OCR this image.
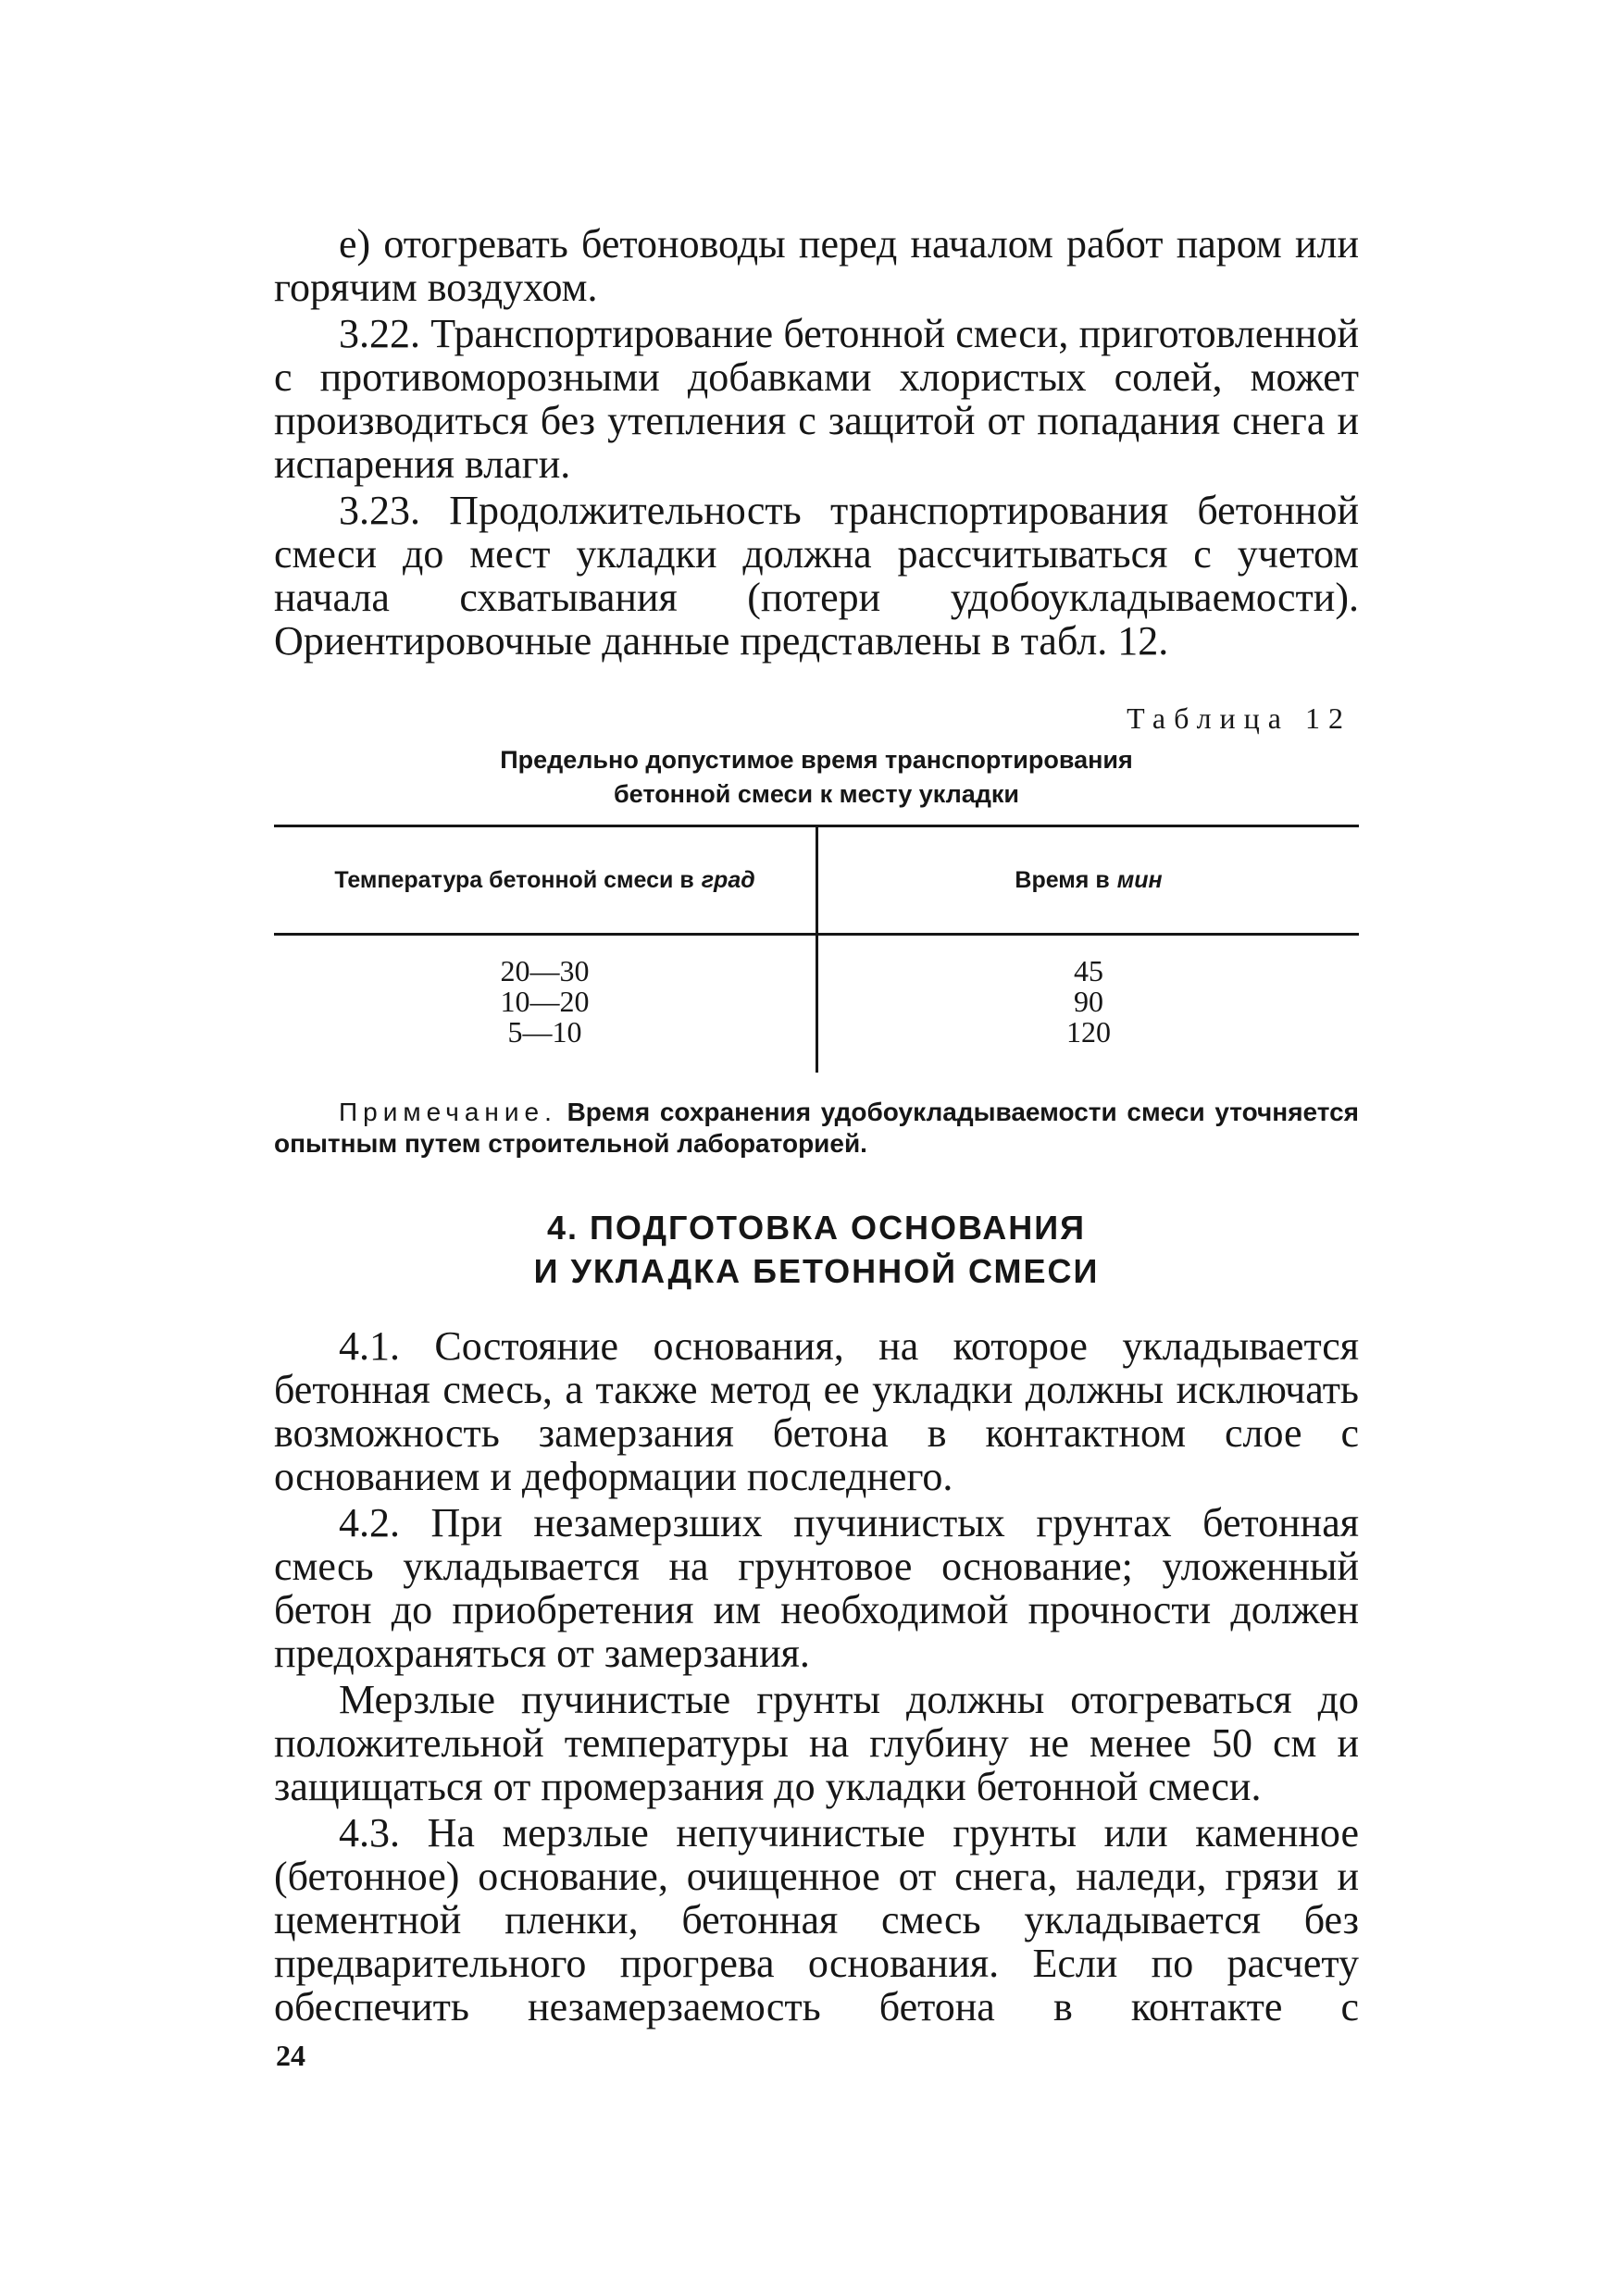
е) отогревать бетоноводы перед началом работ паром или горячим воздухом.

3.22. Транспортирование бетонной смеси, приготовленной с противоморозными добавками хлористых солей, может производиться без утепления с защитой от попадания снега и испарения влаги.

3.23. Продолжительность транспортирования бетонной смеси до мест укладки должна рассчитываться с учетом начала схватывания (потери удобоукладываемости). Ориентировочные данные представлены в табл. 12.

Таблица 12
Предельно допустимое время транспортирования
бетонной смеси к месту укладки
Температура бетонной смеси в град	Время в мин
20—30
10—20
5—10
45
90
120

Примечание. Время сохранения удобоукладываемости смеси уточняется опытным путем строительной лабораторией.

4. ПОДГОТОВКА ОСНОВАНИЯ
И УКЛАДКА БЕТОННОЙ СМЕСИ

4.1. Состояние основания, на которое укладывается бетонная смесь, а также метод ее укладки должны исключать возможность замерзания бетона в контактном слое с основанием и деформации последнего.

4.2. При незамерзших пучинистых грунтах бетонная смесь укладывается на грунтовое основание; уложенный бетон до приобретения им необходимой прочности должен предохраняться от замерзания.

Мерзлые пучинистые грунты должны отогреваться до положительной температуры на глубину не менее 50 см и защищаться от промерзания до укладки бетонной смеси.

4.3. На мерзлые непучинистые грунты или каменное (бетонное) основание, очищенное от снега, наледи, грязи и цементной пленки, бетонная смесь укладывается без предварительного прогрева основания. Если по расчету обеспечить незамерзаемость бетона в контакте с

24
